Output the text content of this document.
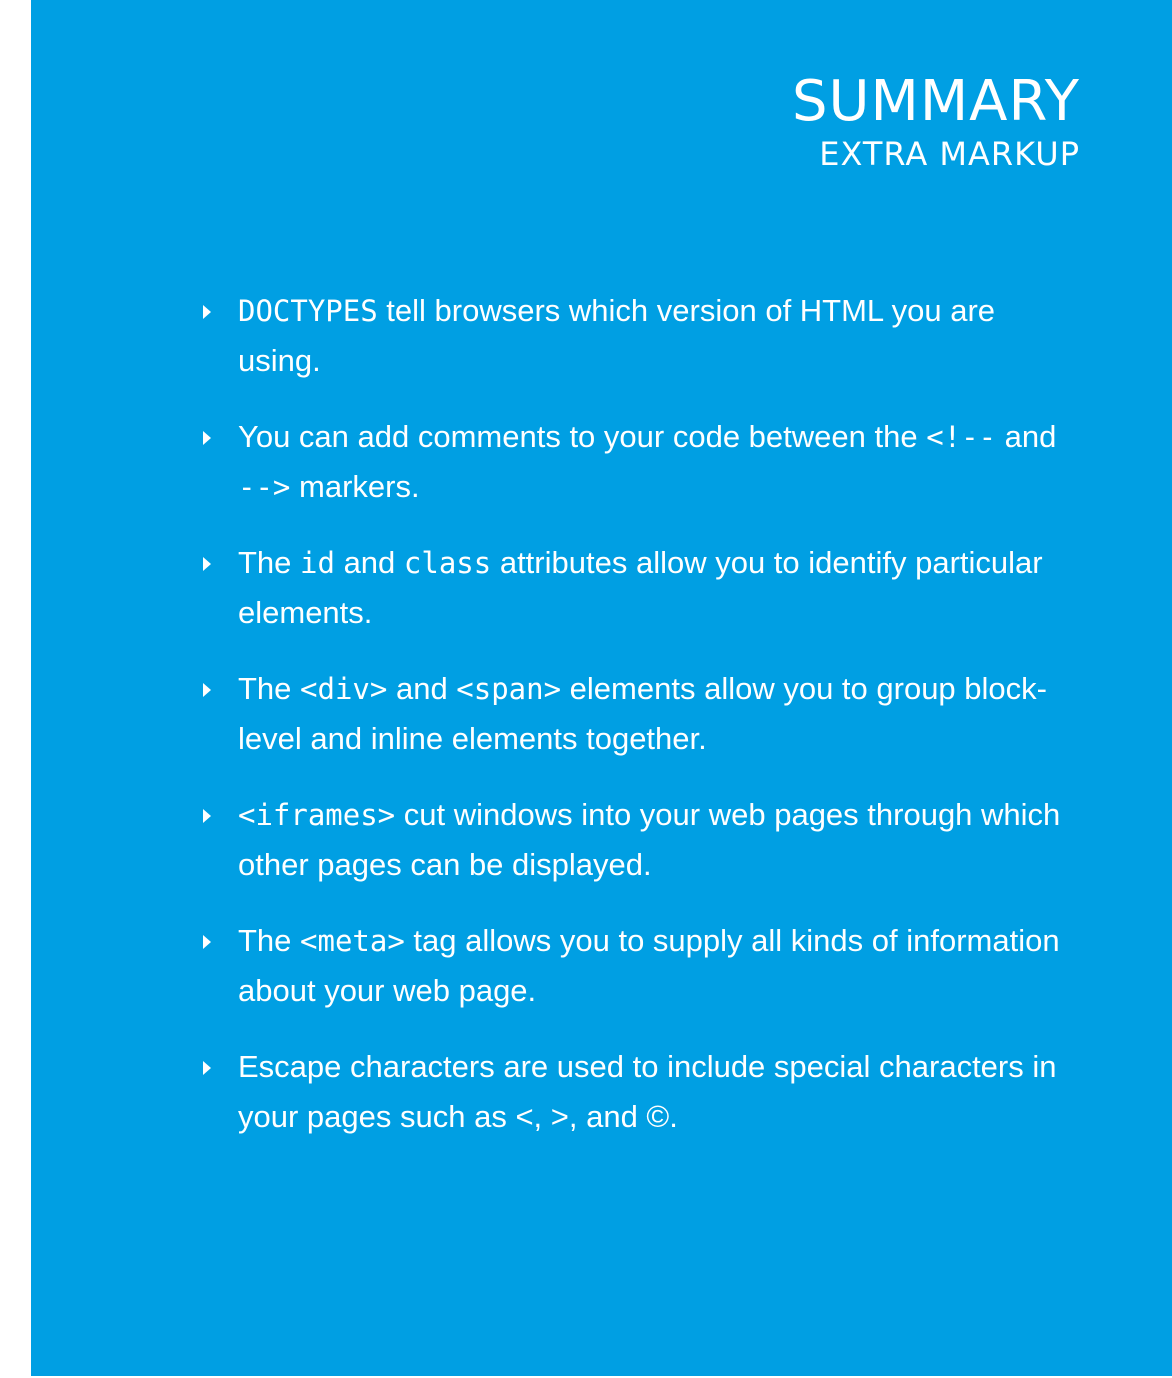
SUMMARY
EXTRA MARKUP
DOCTYPES tell browsers which version of HTML you are using.
You can add comments to your code between the <!-- and --> markers.
The id and class attributes allow you to identify particular elements.
The <div> and <span> elements allow you to group block-level and inline elements together.
<iframes> cut windows into your web pages through which other pages can be displayed.
The <meta> tag allows you to supply all kinds of information about your web page.
Escape characters are used to include special characters in your pages such as <, >, and ©.
